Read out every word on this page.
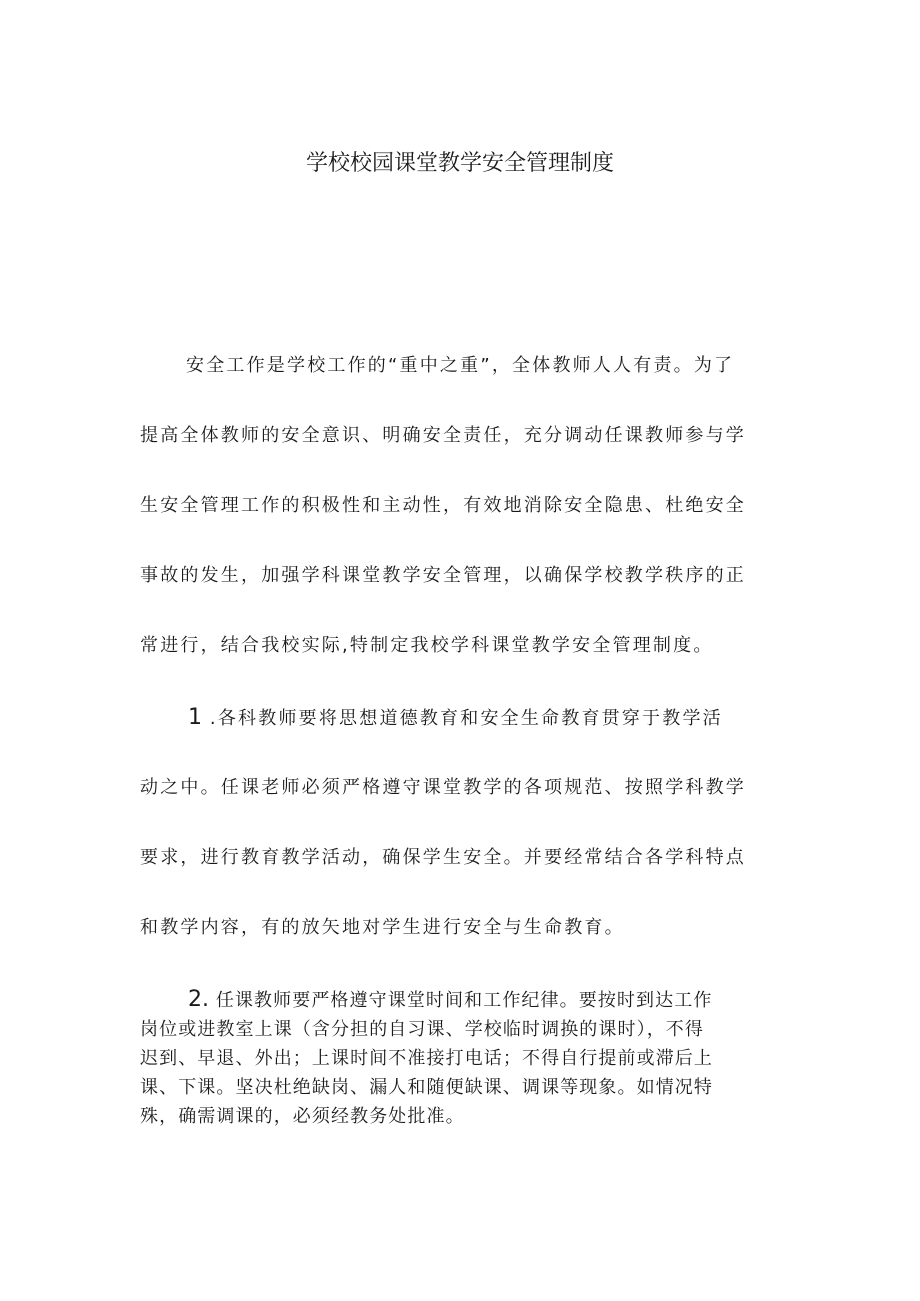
学校校园课堂教学安全管理制度
安全工作是学校工作的“重中之重”，全体教师人人有责。为了
提高全体教师的安全意识、明确安全责任，充分调动任课教师参与学
生安全管理工作的积极性和主动性，有效地消除安全隐患、杜绝安全
事故的发生，加强学科课堂教学安全管理，以确保学校教学秩序的正
常进行，结合我校实际,特制定我校学科课堂教学安全管理制度。
1 .各科教师要将思想道德教育和安全生命教育贯穿于教学活
动之中。任课老师必须严格遵守课堂教学的各项规范、按照学科教学
要求，进行教育教学活动，确保学生安全。并要经常结合各学科特点
和教学内容，有的放矢地对学生进行安全与生命教育。
2. 任课教师要严格遵守课堂时间和工作纪律。要按时到达工作
岗位或进教室上课（含分担的自习课、学校临时调换的课时），不得
迟到、早退、外出；上课时间不准接打电话；不得自行提前或滞后上
课、下课。坚决杜绝缺岗、漏人和随便缺课、调课等现象。如情况特
殊，确需调课的，必须经教务处批准。
